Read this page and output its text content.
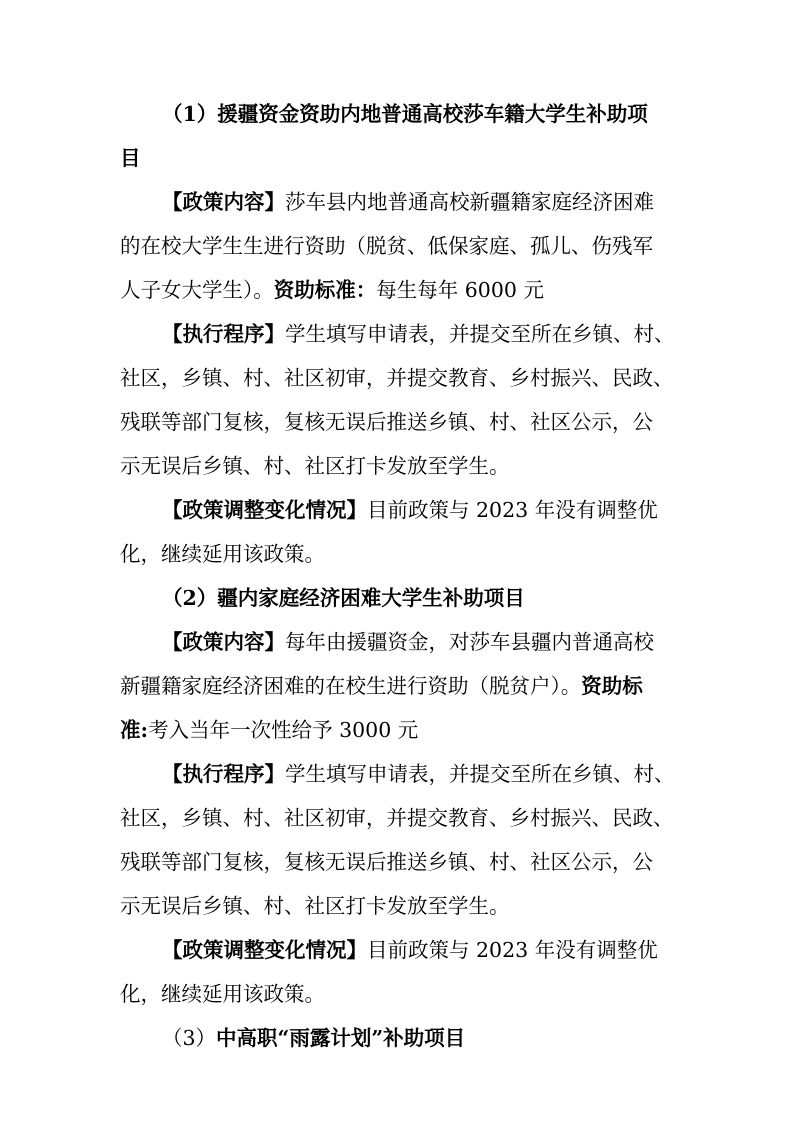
（1）援疆资金资助内地普通高校莎车籍大学生补助项
目
【政策内容】莎车县内地普通高校新疆籍家庭经济困难
的在校大学生生进行资助（脱贫、低保家庭、孤儿、伤残军
人子女大学生）。资助标准：每生每年 6000 元
【执行程序】学生填写申请表，并提交至所在乡镇、村、
社区，乡镇、村、社区初审，并提交教育、乡村振兴、民政、
残联等部门复核，复核无误后推送乡镇、村、社区公示，公
示无误后乡镇、村、社区打卡发放至学生。
【政策调整变化情况】目前政策与 2023 年没有调整优
化，继续延用该政策。
（2）疆内家庭经济困难大学生补助项目
【政策内容】每年由援疆资金，对莎车县疆内普通高校
新疆籍家庭经济困难的在校生进行资助（脱贫户）。资助标
准:考入当年一次性给予 3000 元
【执行程序】学生填写申请表，并提交至所在乡镇、村、
社区，乡镇、村、社区初审，并提交教育、乡村振兴、民政、
残联等部门复核，复核无误后推送乡镇、村、社区公示，公
示无误后乡镇、村、社区打卡发放至学生。
【政策调整变化情况】目前政策与 2023 年没有调整优
化，继续延用该政策。
（3）中高职“雨露计划”补助项目
